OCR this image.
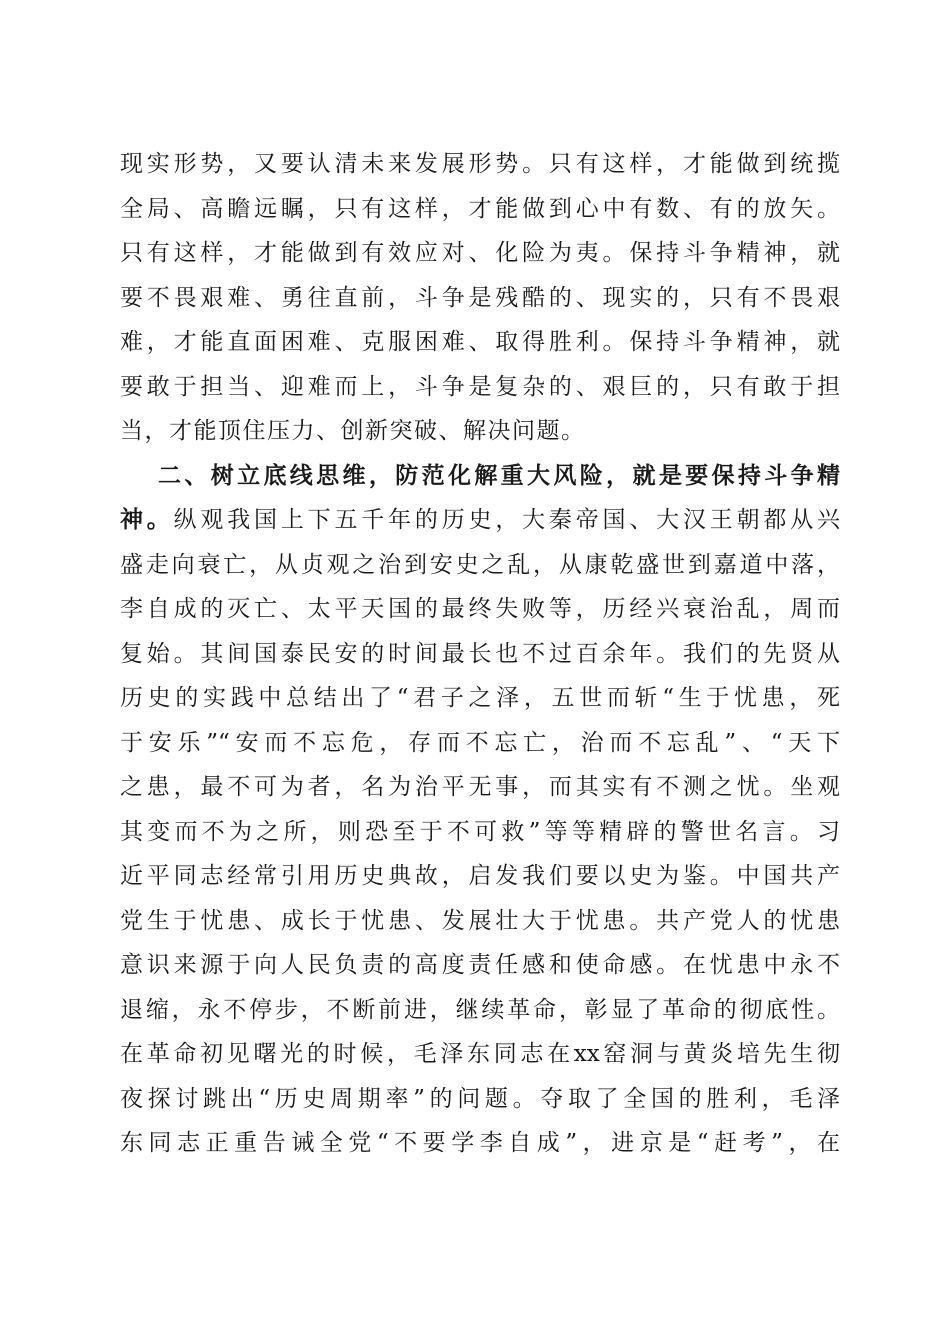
现实形势，又要认清未来发展形势。只有这样，才能做到统揽
全局、高瞻远瞩，只有这样，才能做到心中有数、有的放矢。
只有这样，才能做到有效应对、化险为夷。保持斗争精神，就
要不畏艰难、勇往直前，斗争是残酷的、现实的，只有不畏艰
难，才能直面困难、克服困难、取得胜利。保持斗争精神，就
要敢于担当、迎难而上，斗争是复杂的、艰巨的，只有敢于担
当，才能顶住压力、创新突破、解决问题。
二、树立底线思维，防范化解重大风险，就是要保持斗争精
神。纵观我国上下五千年的历史，大秦帝国、大汉王朝都从兴
盛走向衰亡，从贞观之治到安史之乱，从康乾盛世到嘉道中落，
李自成的灭亡、太平天国的最终失败等，历经兴衰治乱，周而
复始。其间国泰民安的时间最长也不过百余年。我们的先贤从
历史的实践中总结出了“君子之泽，五世而斩“生于忧患，死
于安乐”“安而不忘危，存而不忘亡，治而不忘乱”、“天下
之患，最不可为者，名为治平无事，而其实有不测之忧。坐观
其变而不为之所，则恐至于不可救”等等精辟的警世名言。习
近平同志经常引用历史典故，启发我们要以史为鉴。中国共产
党生于忧患、成长于忧患、发展壮大于忧患。共产党人的忧患
意识来源于向人民负责的高度责任感和使命感。在忧患中永不
退缩，永不停步，不断前进，继续革命，彰显了革命的彻底性。
在革命初见曙光的时候，毛泽东同志在xx窑洞与黄炎培先生彻
夜探讨跳出“历史周期率”的问题。夺取了全国的胜利，毛泽
东同志正重告诫全党“不要学李自成”，进京是“赶考”，在
